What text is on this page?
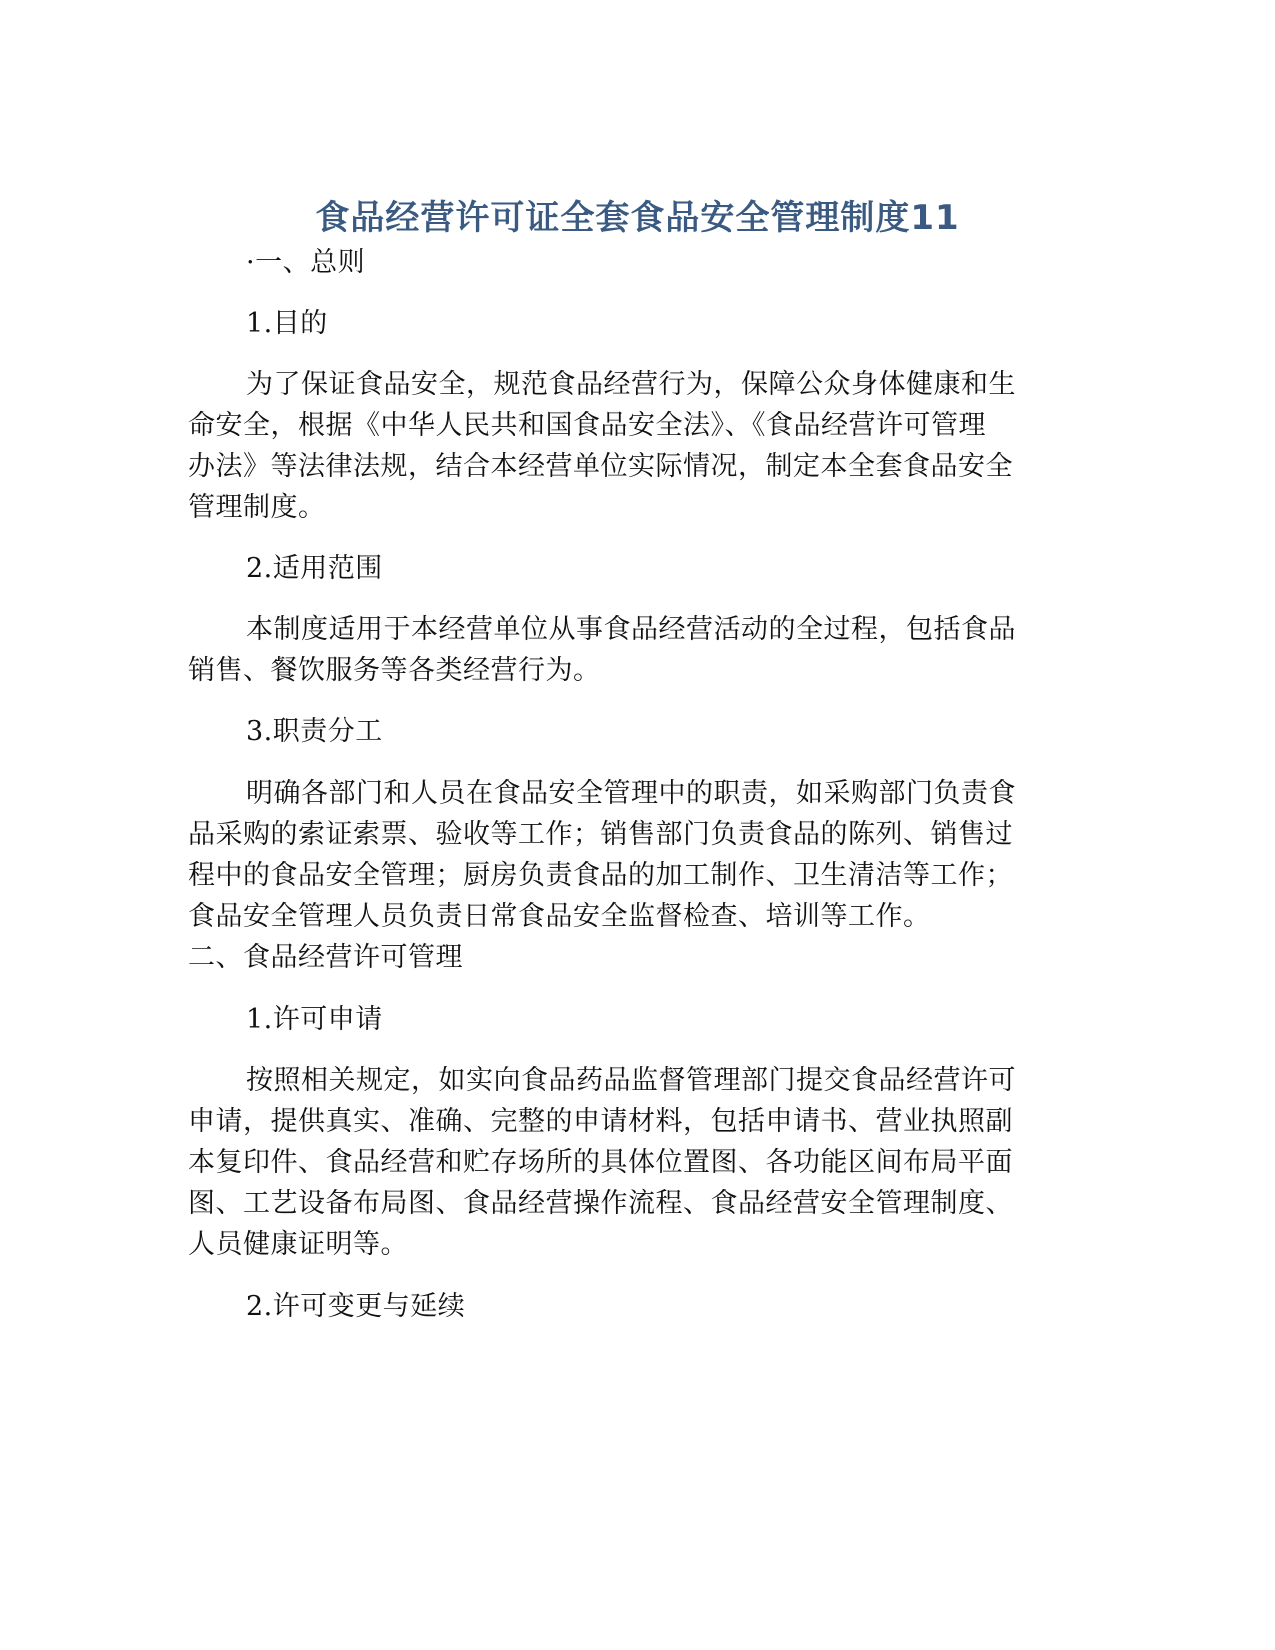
食品经营许可证全套食品安全管理制度11
·一、总则
1.目的
为了保证食品安全，规范食品经营行为，保障公众身体健康和生
命安全，根据《中华人民共和国食品安全法》、《食品经营许可管理
办法》等法律法规，结合本经营单位实际情况，制定本全套食品安全
管理制度。
2.适用范围
本制度适用于本经营单位从事食品经营活动的全过程，包括食品
销售、餐饮服务等各类经营行为。
3.职责分工
明确各部门和人员在食品安全管理中的职责，如采购部门负责食
品采购的索证索票、验收等工作；销售部门负责食品的陈列、销售过
程中的食品安全管理；厨房负责食品的加工制作、卫生清洁等工作；
食品安全管理人员负责日常食品安全监督检查、培训等工作。
二、食品经营许可管理
1.许可申请
按照相关规定，如实向食品药品监督管理部门提交食品经营许可
申请，提供真实、准确、完整的申请材料，包括申请书、营业执照副
本复印件、食品经营和贮存场所的具体位置图、各功能区间布局平面
图、工艺设备布局图、食品经营操作流程、食品经营安全管理制度、
人员健康证明等。
2.许可变更与延续
